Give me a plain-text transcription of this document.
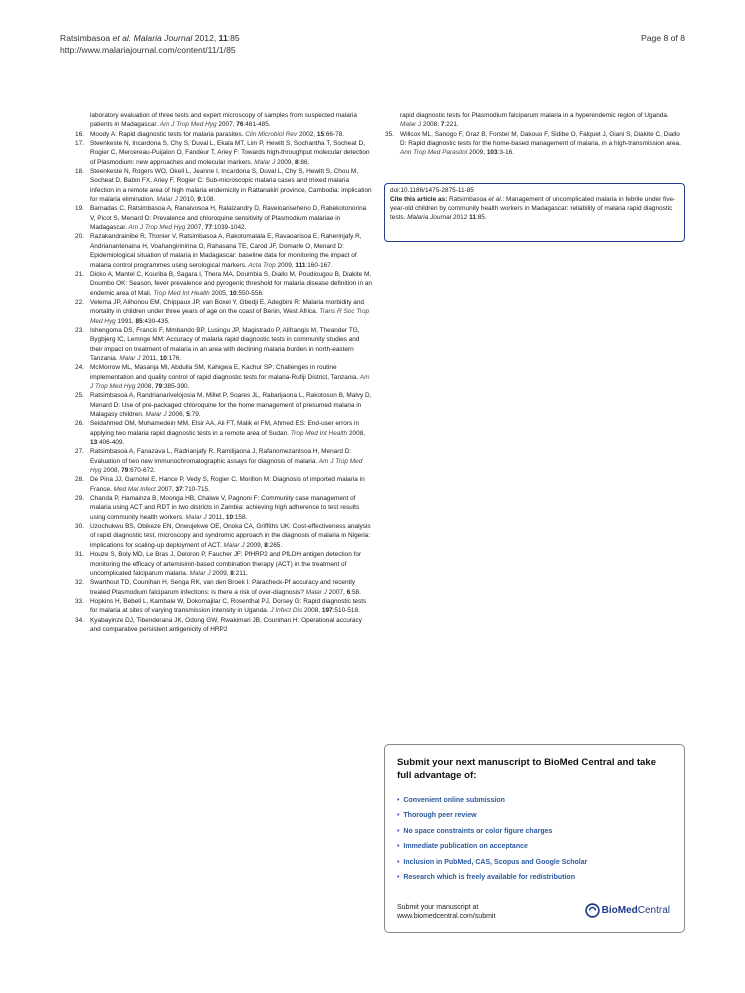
Ratsimbasoa et al. Malaria Journal 2012, 11:85
http://www.malariajournal.com/content/11/1/85
Page 8 of 8
laboratory evaluation of three tests and expert microscopy of samples from suspected malaria patients in Madagascar. Am J Trop Med Hyg 2007, 76:481-485.
16. Moody A: Rapid diagnostic tests for malaria parasites. Clin Microbiol Rev 2002, 15:66-78.
17. Steenkeste N, Incardona S, Chy S, Duval L, Ekala MT, Lim P, Hewitt S, Sochantha T, Socheat D, Rogier C, Mercereau-Puijalon O, Fandeur T, Ariey F: Towards high-throughput molecular detection of Plasmodium: new approaches and molecular markers. Malar J 2009, 8:86.
18. Steenkeste N, Rogers WO, Okell L, Jeanne I, Incardona S, Duval L, Chy S, Hewitt S, Chou M, Socheat D, Babin FX, Ariey F, Rogier C: Sub-microscopic malaria cases and mixed malaria infection in a remote area of high malaria endemicity in Rattanakiri province, Cambodia: implication for malaria elimination. Malar J 2010, 9:108.
19. Barnadas C, Ratsimbasoa A, Ranaivosoa H, Ralaizandry D, Raveloariseheno D, Rabekotonorina V, Picot S, Menard D: Prevalence and chloroquine sensitivity of Plasmodium malariae in Madagascar. Am J Trop Med Hyg 2007, 77:1039-1042.
20. Razakandrainibe R, Thonier V, Ratsimbasoa A, Rakotomalala E, Ravaoarisoa E, Raherinjafy R, Andrianantenaina H, Voahangirinirina O, Rahasana TE, Carod JF, Domarle O, Menard D: Epidemiological situation of malaria in Madagascar: baseline data for monitoring the impact of malaria control programmes using serological markers. Acta Trop 2009, 111:160-167.
21. Dicko A, Mantel C, Kouriba B, Sagara I, Thera MA, Doumbia S, Diallo M, Poudiougou B, Diakite M, Doumbo OK: Season, fever prevalence and pyrogenic threshold for malaria disease definition in an endemic area of Mali. Trop Med Int Health 2005, 10:550-556.
22. Velema JP, Alihonou EM, Chippaux JP, van Boxel Y, Gbedji E, Adegbini R: Malaria morbidity and mortality in children under three years of age on the coast of Benin, West Africa. Trans R Soc Trop Med Hyg 1991, 85:430-435.
23. Ishengoma DS, Francis F, Mmbando BP, Lusingu JP, Magistrado P, Alifrangis M, Theander TG, Bygbjerg IC, Lemnge MM: Accuracy of malaria rapid diagnostic tests in community studies and their impact on treatment of malaria in an area with declining malaria burden in north-eastern Tanzania. Malar J 2011, 10:176.
24. McMorrow ML, Masanja MI, Abdulla SM, Kahigwa E, Kachur SP: Challenges in routine implementation and quality control of rapid diagnostic tests for malaria-Rufiji District, Tanzania. Am J Trop Med Hyg 2008, 79:385-390.
25. Ratsimbasoa A, Randrianarivelojosia M, Millet P, Soares JL, Rabarijaona L, Rakotoson B, Malvy D, Menard D: Use of pre-packaged chloroquine for the home management of presumed malaria in Malagasy children. Malar J 2006, 5:79.
26. Seidahmed OM, Mohamedein MM, Elsir AA, Ali FT, Malik el FM, Ahmed ES: End-user errors in applying two malaria rapid diagnostic tests in a remote area of Sudan. Trop Med Int Health 2008, 13:406-409.
27. Ratsimbasoa A, Fanazava L, Radrianjafy R, Ramilijaona J, Rafanomezantsoa H, Menard D: Evaluation of two new immunochromatographic assays for diagnosis of malaria. Am J Trop Med Hyg 2008, 79:670-672.
28. De Pina JJ, Garnotel E, Hance P, Vedy S, Rogier C, Morillon M: Diagnosis of imported malaria in France. Med Mal Infect 2007, 37:710-715.
29. Chanda P, Hamainza B, Moonga HB, Chalwe V, Pagnoni F: Community case management of malaria using ACT and RDT in two districts in Zambia: achieving high adherence to test results using community health workers. Malar J 2011, 10:158.
30. Uzochukwu BS, Obikeze EN, Onwujekwe OE, Onoka CA, Griffiths UK: Cost-effectiveness analysis of rapid diagnostic test, microscopy and syndromic approach in the diagnosis of malaria in Nigeria: implications for scaling-up deployment of ACT. Malar J 2009, 8:265.
31. Houze S, Boly MD, Le Bras J, Deloron P, Faucher JF: PfHRP2 and PfLDH antigen detection for monitoring the efficacy of artemisinin-based combination therapy (ACT) in the treatment of uncomplicated falciparum malaria. Malar J 2009, 8:211.
32. Swarthout TD, Counihan H, Senga RK, van den Broek I: Paracheck-Pf accuracy and recently treated Plasmodium falciparum infections: is there a risk of over-diagnosis? Malar J 2007, 6:58.
33. Hopkins H, Bebell L, Kambale W, Dokomajilar C, Rosenthal PJ, Dorsey G: Rapid diagnostic tests for malaria at sites of varying transmission intensity in Uganda. J Infect Dis 2008, 197:510-518.
34. Kyabayinze DJ, Tibenderana JK, Odong GW, Rwakimari JB, Counihan H: Operational accuracy and comparative persistent antigenicity of HRP2
rapid diagnostic tests for Plasmodium falciparum malaria in a hyperendemic region of Uganda. Malar J 2008, 7:221.
35. Willcox ML, Sanogo F, Graz B, Forster M, Dakouo F, Sidibe O, Falquet J, Giani S, Diakite C, Diallo D: Rapid diagnostic tests for the home-based management of malaria, in a high-transmission area. Ann Trop Med Parasitol 2009, 103:3-16.
doi:10.1186/1475-2875-11-85
Cite this article as: Ratsimbasoa et al.: Management of uncomplicated malaria in febrile under five-year-old children by community health workers in Madagascar: reliability of malaria rapid diagnostic tests. Malaria Journal 2012 11:85.
Submit your next manuscript to BioMed Central and take full advantage of:
• Convenient online submission
• Thorough peer review
• No space constraints or color figure charges
• Immediate publication on acceptance
• Inclusion in PubMed, CAS, Scopus and Google Scholar
• Research which is freely available for redistribution
Submit your manuscript at
www.biomedcentral.com/submit
BioMed Central
